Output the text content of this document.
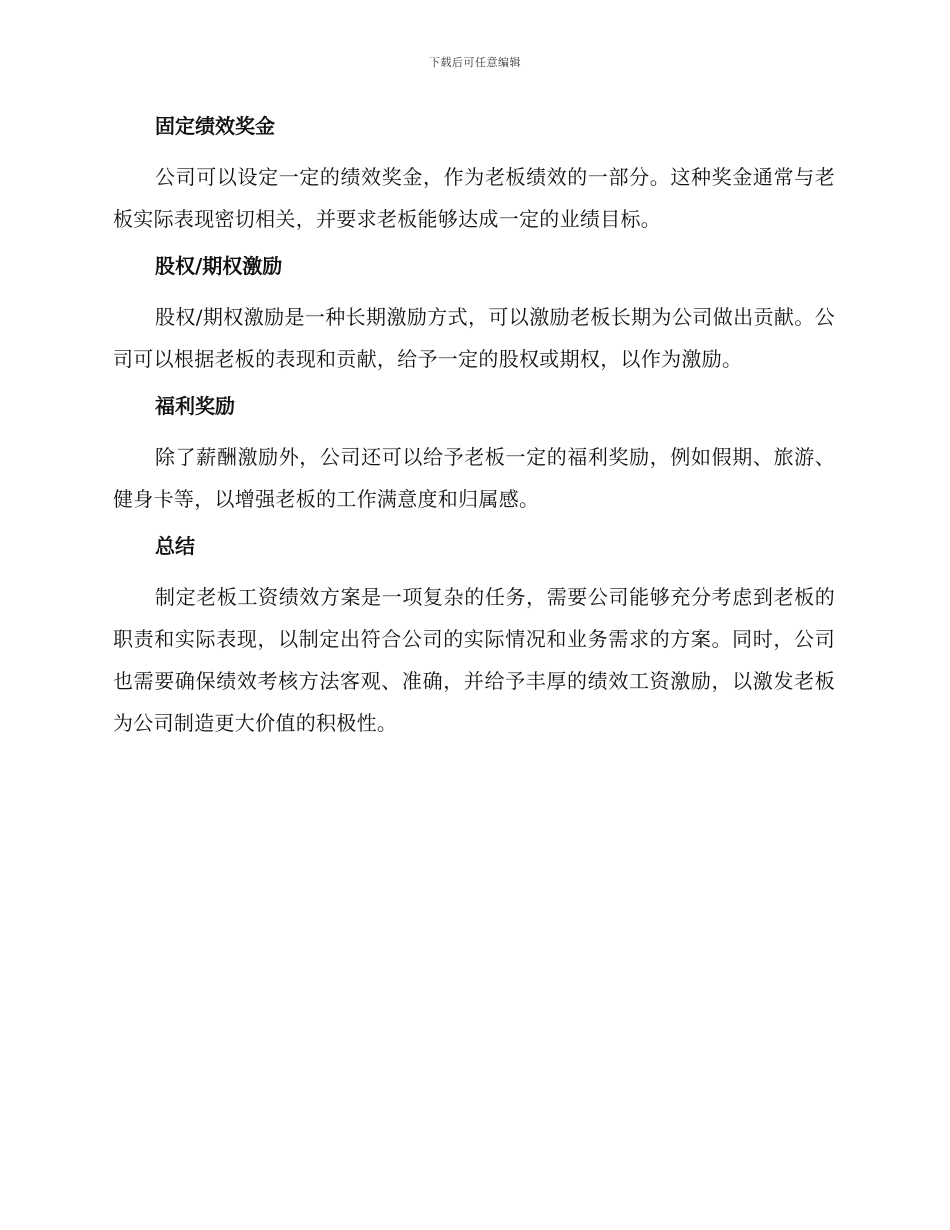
下载后可任意编辑
固定绩效奖金

公司可以设定一定的绩效奖金，作为老板绩效的一部分。这种奖金通常与老板实际表现密切相关，并要求老板能够达成一定的业绩目标。

股权/期权激励

股权/期权激励是一种长期激励方式，可以激励老板长期为公司做出贡献。公司可以根据老板的表现和贡献，给予一定的股权或期权，以作为激励。

福利奖励

除了薪酬激励外，公司还可以给予老板一定的福利奖励，例如假期、旅游、健身卡等，以增强老板的工作满意度和归属感。

总结

制定老板工资绩效方案是一项复杂的任务，需要公司能够充分考虑到老板的职责和实际表现，以制定出符合公司的实际情况和业务需求的方案。同时，公司也需要确保绩效考核方法客观、准确，并给予丰厚的绩效工资激励，以激发老板为公司制造更大价值的积极性。
